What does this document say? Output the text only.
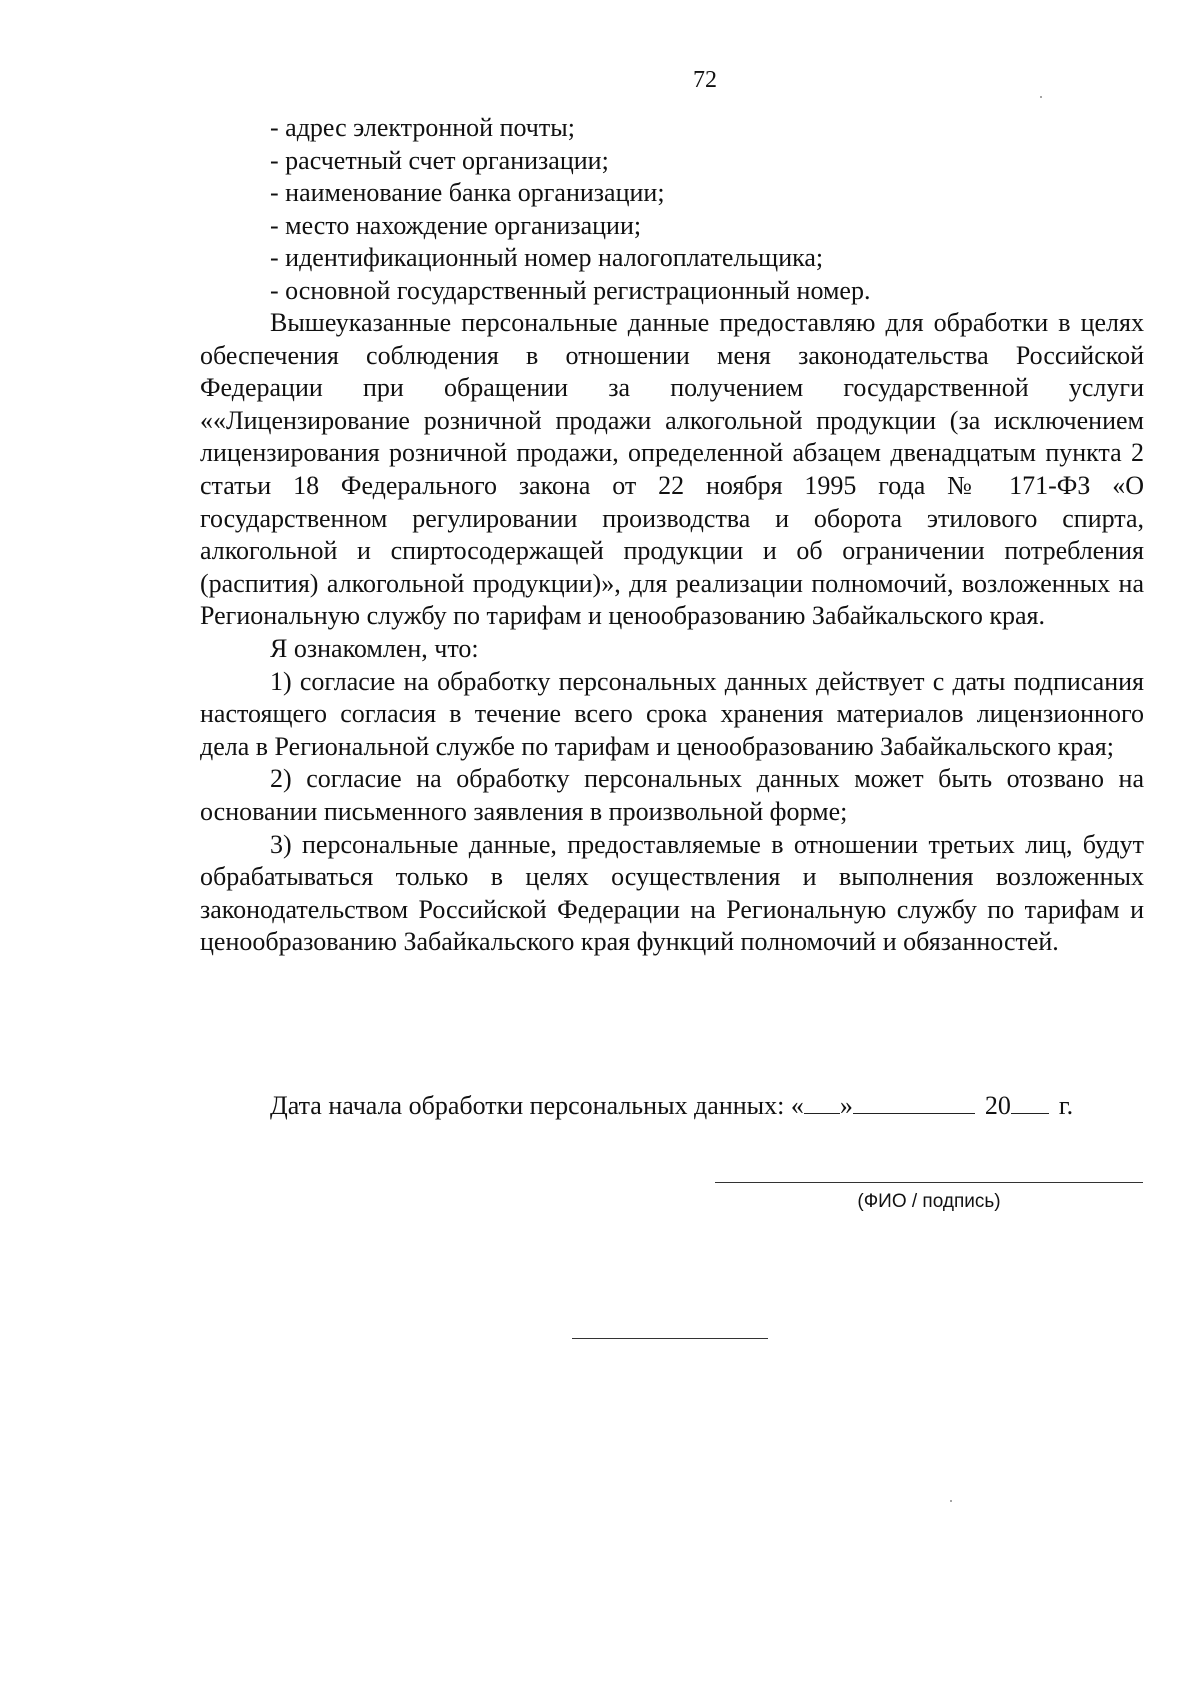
72
- адрес электронной почты;
- расчетный счет организации;
- наименование банка организации;
- место нахождение организации;
- идентификационный номер налогоплательщика;
- основной государственный регистрационный номер.

Вышеуказанные персональные данные предоставляю для обработки в целях обеспечения соблюдения в отношении меня законодательства Российской Федерации при обращении за получением государственной услуги ««Лицензирование розничной продажи алкогольной продукции (за исключением лицензирования розничной продажи, определенной абзацем двенадцатым пункта 2 статьи 18 Федерального закона от 22 ноября 1995 года № 171-ФЗ «О государственном регулировании производства и оборота этилового спирта, алкогольной и спиртосодержащей продукции и об ограничении потребления (распития) алкогольной продукции)», для реализации полномочий, возложенных на Региональную службу по тарифам и ценообразованию Забайкальского края.

Я ознакомлен, что:

1) согласие на обработку персональных данных действует с даты подписания настоящего согласия в течение всего срока хранения материалов лицензионного дела в Региональной службе по тарифам и ценообразованию Забайкальского края;

2) согласие на обработку персональных данных может быть отозвано на основании письменного заявления в произвольной форме;

3) персональные данные, предоставляемые в отношении третьих лиц, будут обрабатываться только в целях осуществления и выполнения возложенных законодательством Российской Федерации на Региональную службу по тарифам и ценообразованию Забайкальского края функций полномочий и обязанностей.

Дата начала обработки персональных данных: « »	20 г.
(ФИО / подпись)
